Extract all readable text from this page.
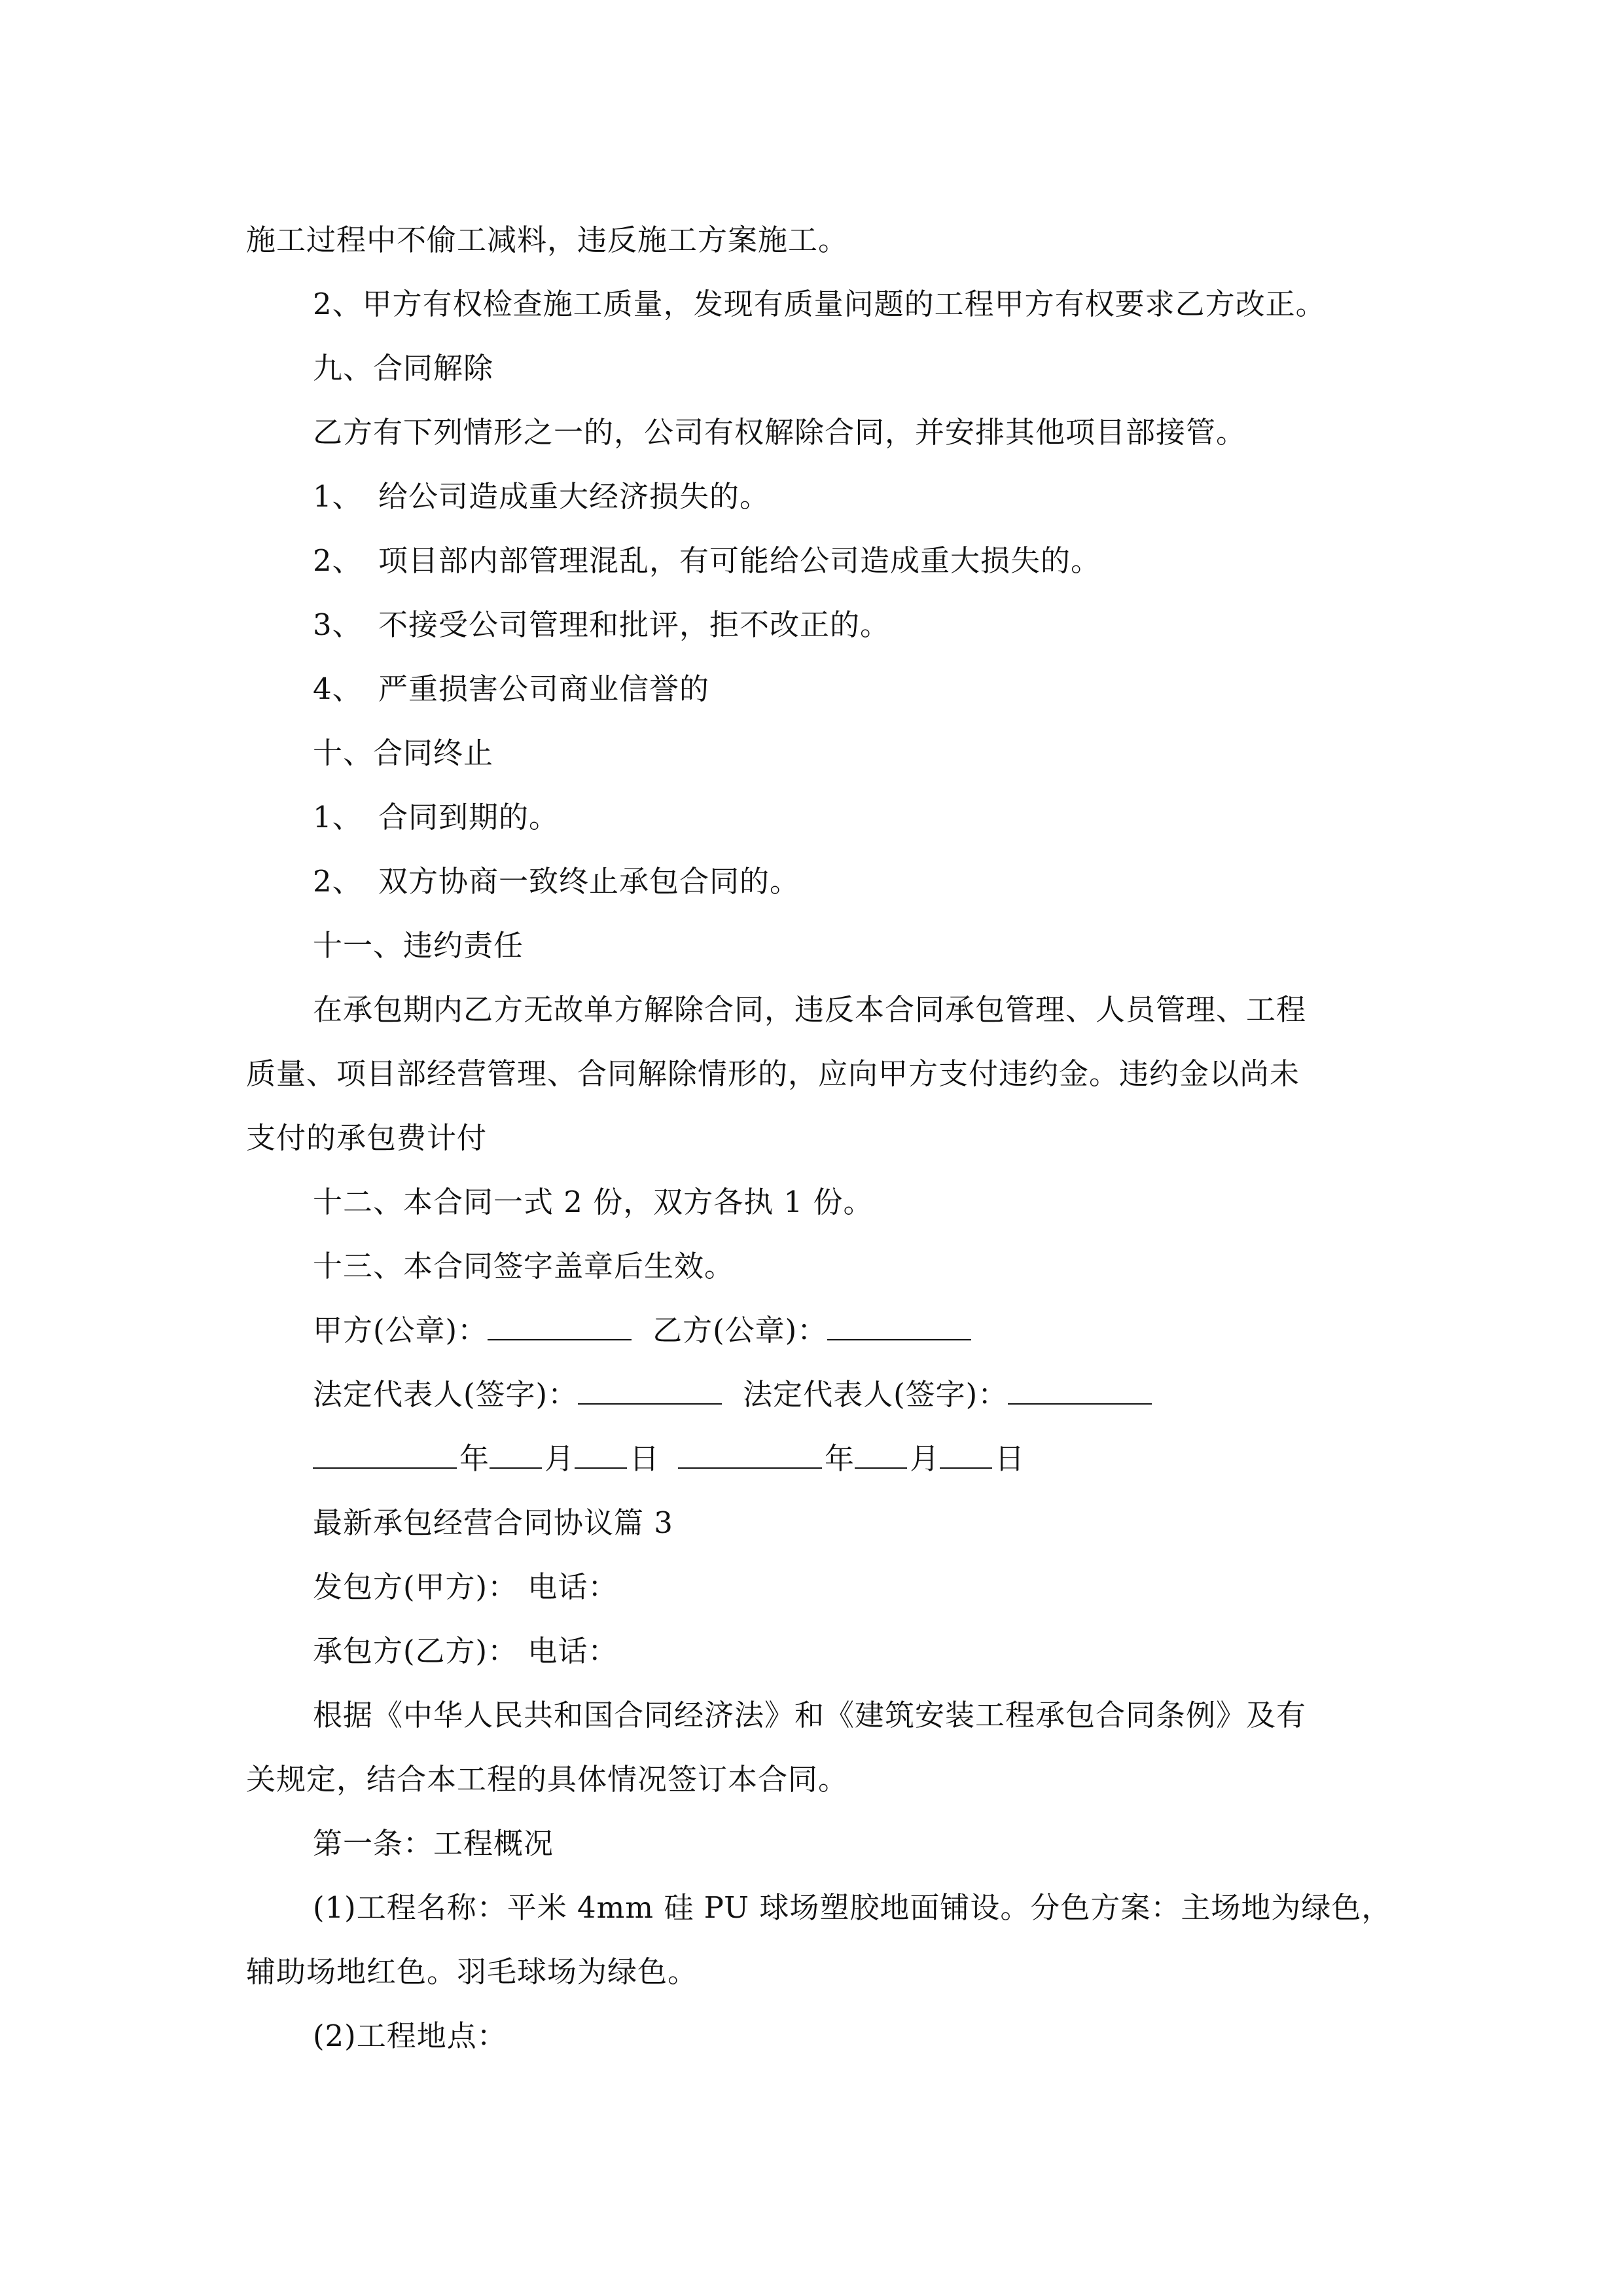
施工过程中不偷工减料，违反施工方案施工。
2、甲方有权检查施工质量，发现有质量问题的工程甲方有权要求乙方改正。
九、合同解除
乙方有下列情形之一的，公司有权解除合同，并安排其他项目部接管。
1、 给公司造成重大经济损失的。
2、 项目部内部管理混乱，有可能给公司造成重大损失的。
3、 不接受公司管理和批评，拒不改正的。
4、 严重损害公司商业信誉的
十、合同终止
1、 合同到期的。
2、 双方协商一致终止承包合同的。
十一、违约责任
在承包期内乙方无故单方解除合同，违反本合同承包管理、人员管理、工程
质量、项目部经营管理、合同解除情形的，应向甲方支付违约金。违约金以尚未
支付的承包费计付
十二、本合同一式 2 份，双方各执 1 份。
十三、本合同签字盖章后生效。
甲方(公章)：	乙方(公章)：
法定代表人(签字)：	法定代表人(签字)：
年 月 日	年 月 日
最新承包经营合同协议篇 3
发包方(甲方)： 电话：
承包方(乙方)： 电话：
根据《中华人民共和国合同经济法》和《建筑安装工程承包合同条例》及有
关规定，结合本工程的具体情况签订本合同。
第一条：工程概况
(1)工程名称：平米 4mm 硅 PU 球场塑胶地面铺设。分色方案：主场地为绿色，
辅助场地红色。羽毛球场为绿色。
(2)工程地点：
